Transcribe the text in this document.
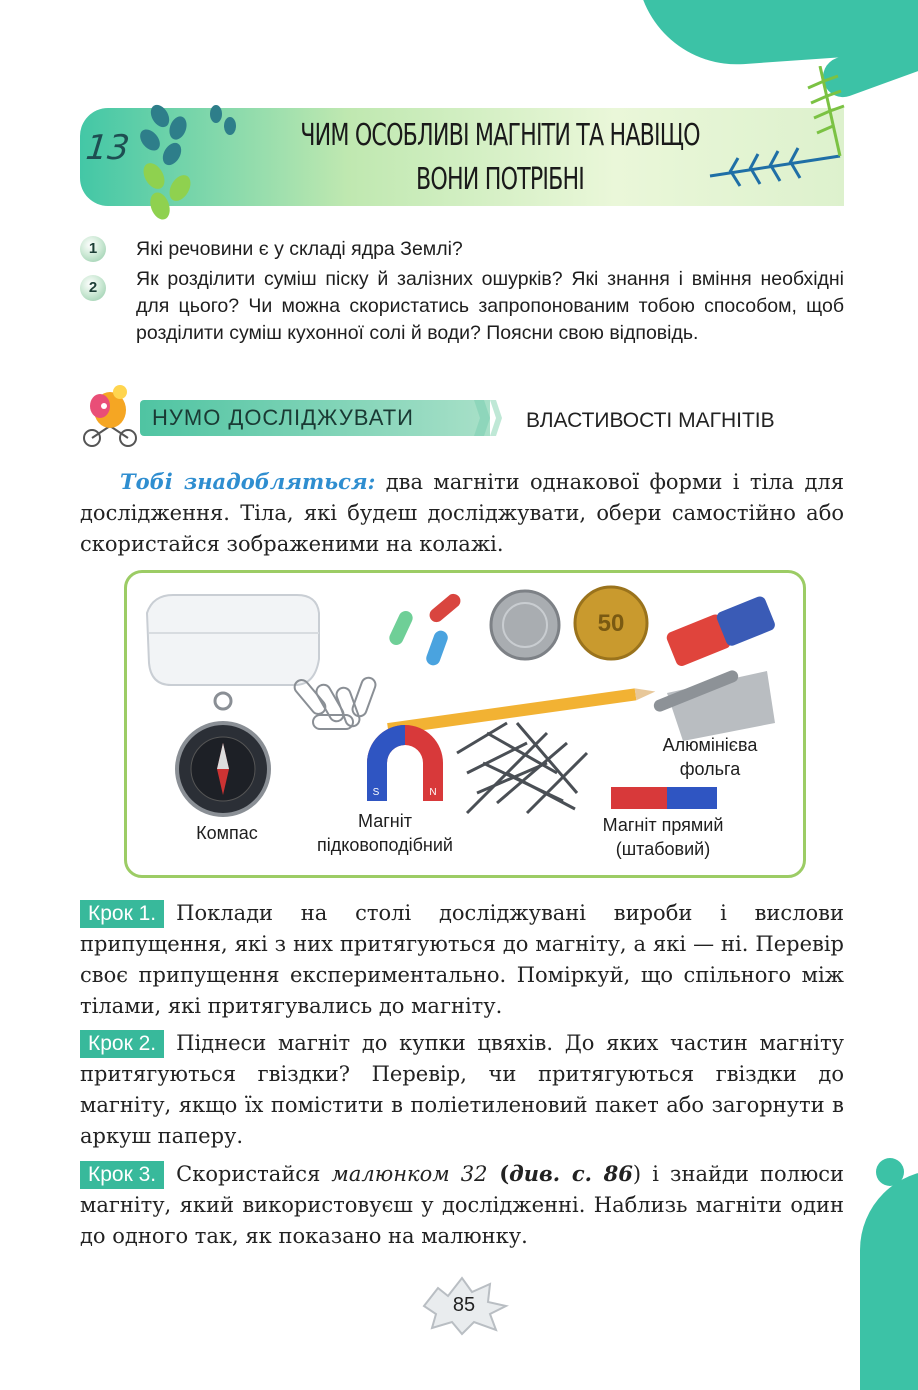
13	ЧИМ ОСОБЛИВІ МАГНІТИ ТА НАВІЩО
ВОНИ ПОТРІБНІ
1	Які речовини є у складі ядра Землі?
2	Як розділити суміш піску й залізних ошурків? Які знання і вміння необхідні для цього? Чи можна скористатись запропонованим тобою способом, щоб розділити суміш кухонної солі й води? Поясни свою відповідь.
НУМО ДОСЛІДЖУВАТИ	ВЛАСТИВОСТІ МАГНІТІВ
Тобі знадобляться: два магніти однакової форми і тіла для дослідження. Тіла, які будеш досліджувати, обери самостійно або скористайся зображеними на колажі.
50
S	N
Алюмінієва
фольга
Компас
Магніт
підковоподібний
Магніт прямий
(штабовий)
Крок 1. Поклади на столі досліджувані вироби і вислови припущення, які з них притягуються до магніту, а які — ні. Перевір своє припущення експериментально. Поміркуй, що спільного між тілами, які притягувались до магніту.
Крок 2. Піднеси магніт до купки цвяхів. До яких частин магніту притягуються гвіздки? Перевір, чи притягуються гвіздки до магніту, якщо їх помістити в поліетиленовий пакет або загорнути в аркуш паперу.
Крок 3. Скористайся малюнком 32 (див. с. 86) і знайди полюси магніту, який використовуєш у дослідженні. Наблизь магніти один до одного так, як показано на малюнку.
85
